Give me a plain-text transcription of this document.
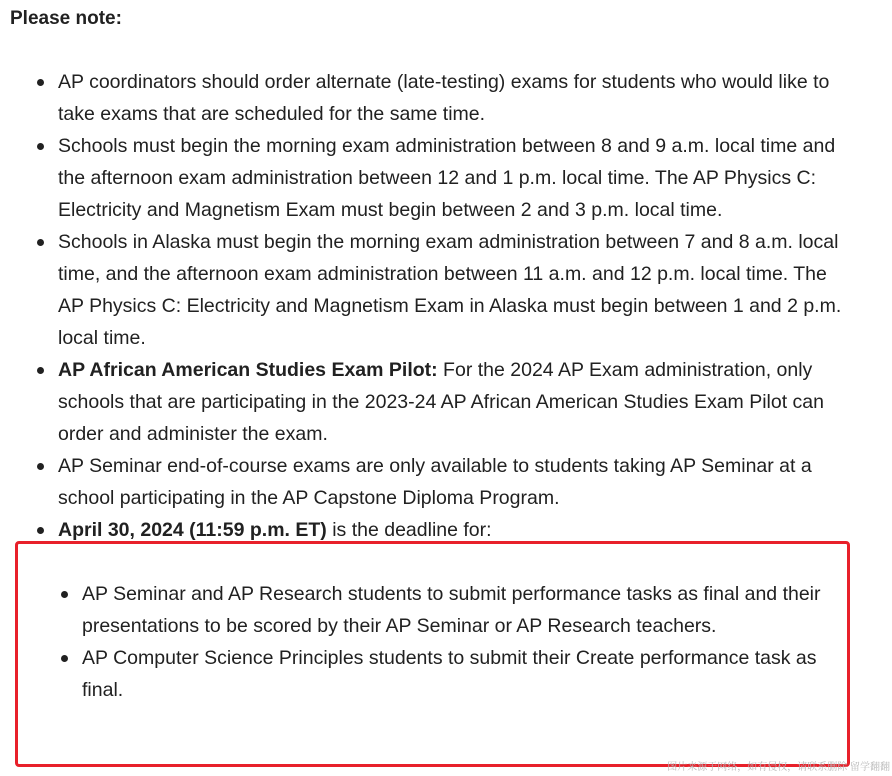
Please note:

AP coordinators should order alternate (late-testing) exams for students who would like to take exams that are scheduled for the same time.
Schools must begin the morning exam administration between 8 and 9 a.m. local time and the afternoon exam administration between 12 and 1 p.m. local time. The AP Physics C: Electricity and Magnetism Exam must begin between 2 and 3 p.m. local time.
Schools in Alaska must begin the morning exam administration between 7 and 8 a.m. local time, and the afternoon exam administration between 11 a.m. and 12 p.m. local time. The AP Physics C: Electricity and Magnetism Exam in Alaska must begin between 1 and 2 p.m. local time.
AP African American Studies Exam Pilot: For the 2024 AP Exam administration, only schools that are participating in the 2023-24 AP African American Studies Exam Pilot can order and administer the exam.
AP Seminar end-of-course exams are only available to students taking AP Seminar at a school participating in the AP Capstone Diploma Program.
April 30, 2024 (11:59 p.m. ET) is the deadline for:
AP Seminar and AP Research students to submit performance tasks as final and their presentations to be scored by their AP Seminar or AP Research teachers.
AP Computer Science Principles students to submit their Create performance task as final.
图片来源于网络，如有侵权，请联系删除 留学翻翻
